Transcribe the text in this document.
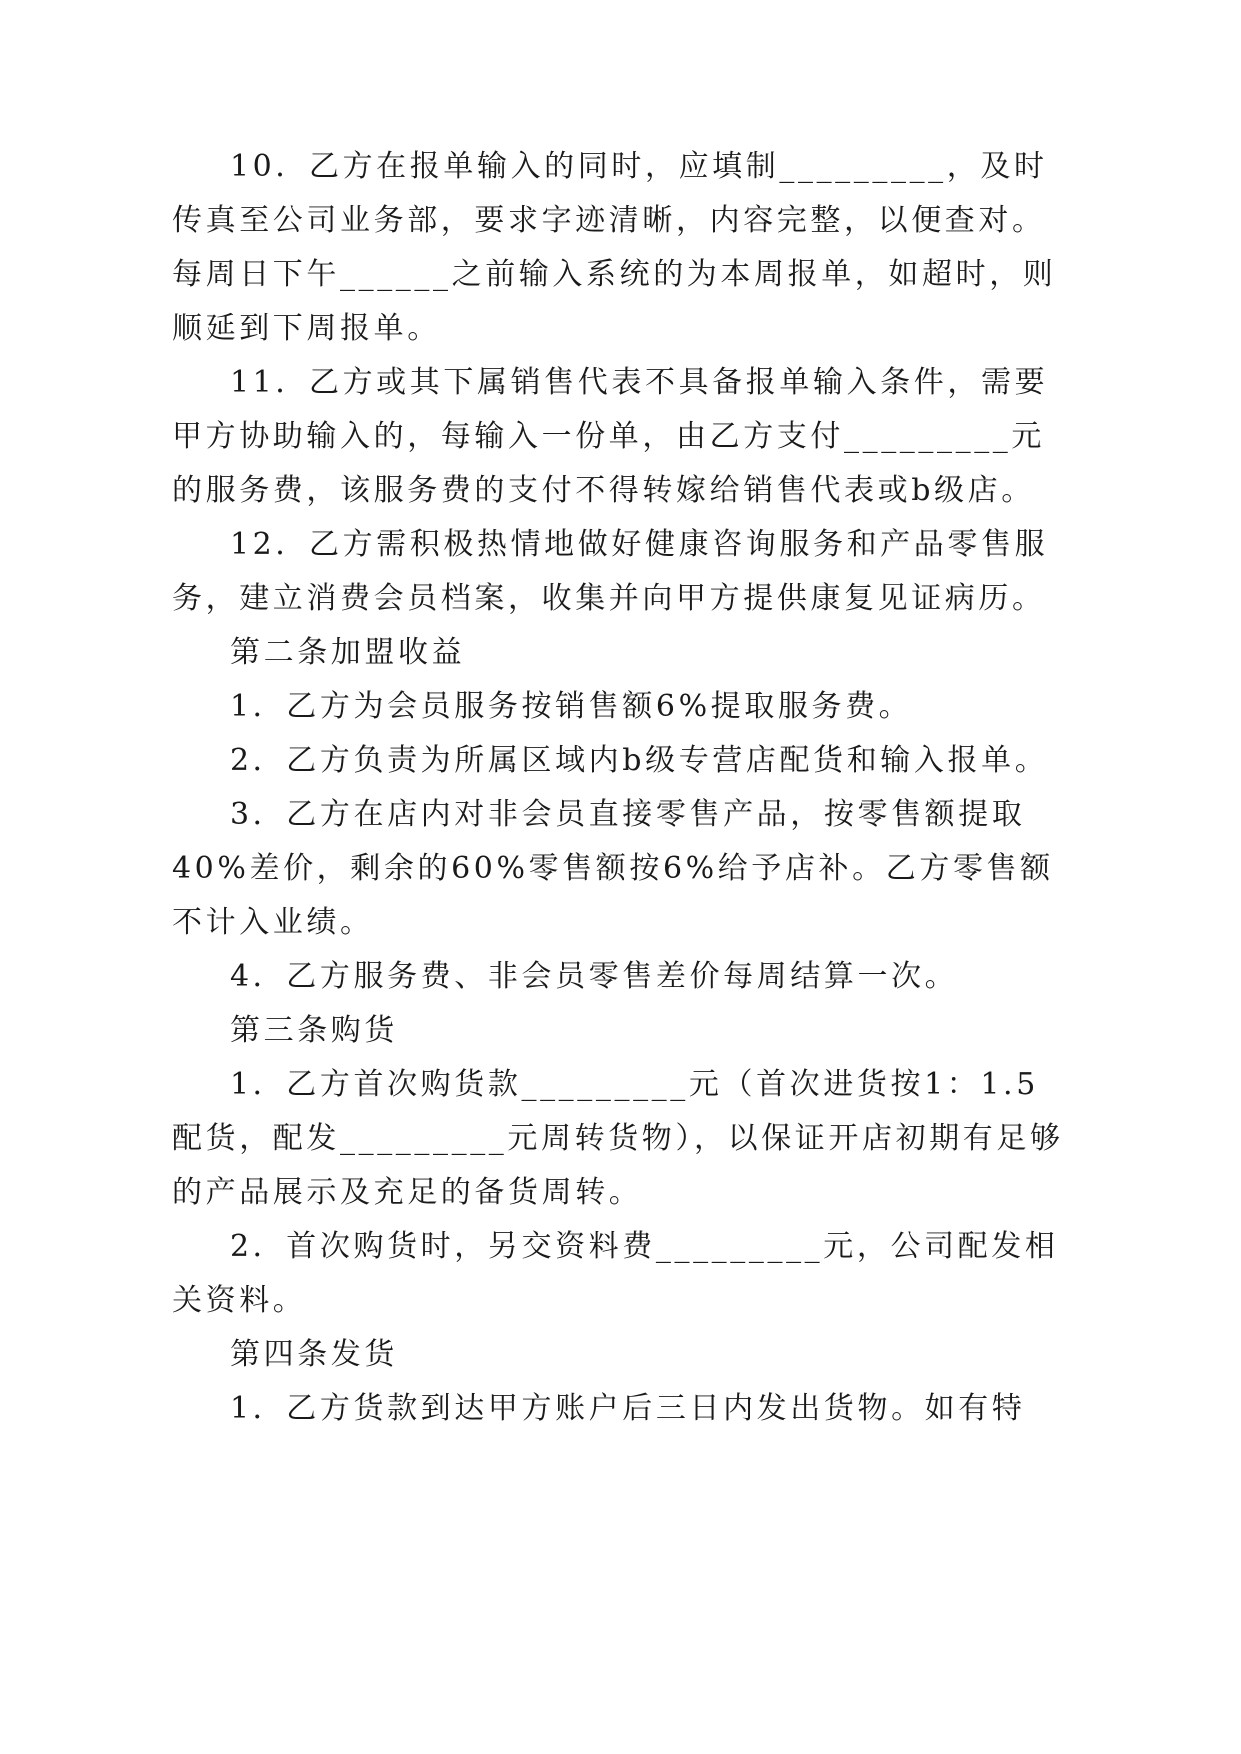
10．乙方在报单输入的同时，应填制_________，及时

传真至公司业务部，要求字迹清晰，内容完整，以便查对。

每周日下午______之前输入系统的为本周报单，如超时，则

顺延到下周报单。

11．乙方或其下属销售代表不具备报单输入条件，需要

甲方协助输入的，每输入一份单，由乙方支付_________元

的服务费，该服务费的支付不得转嫁给销售代表或b级店。

12．乙方需积极热情地做好健康咨询服务和产品零售服

务，建立消费会员档案，收集并向甲方提供康复见证病历。

第二条加盟收益

1．乙方为会员服务按销售额6%提取服务费。

2．乙方负责为所属区域内b级专营店配货和输入报单。

3．乙方在店内对非会员直接零售产品，按零售额提取

40%差价，剩余的60%零售额按6%给予店补。乙方零售额

不计入业绩。

4．乙方服务费、非会员零售差价每周结算一次。

第三条购货

1．乙方首次购货款_________元（首次进货按1：1.5

配货，配发_________元周转货物），以保证开店初期有足够

的产品展示及充足的备货周转。

2．首次购货时，另交资料费_________元，公司配发相

关资料。

第四条发货

1．乙方货款到达甲方账户后三日内发出货物。如有特
